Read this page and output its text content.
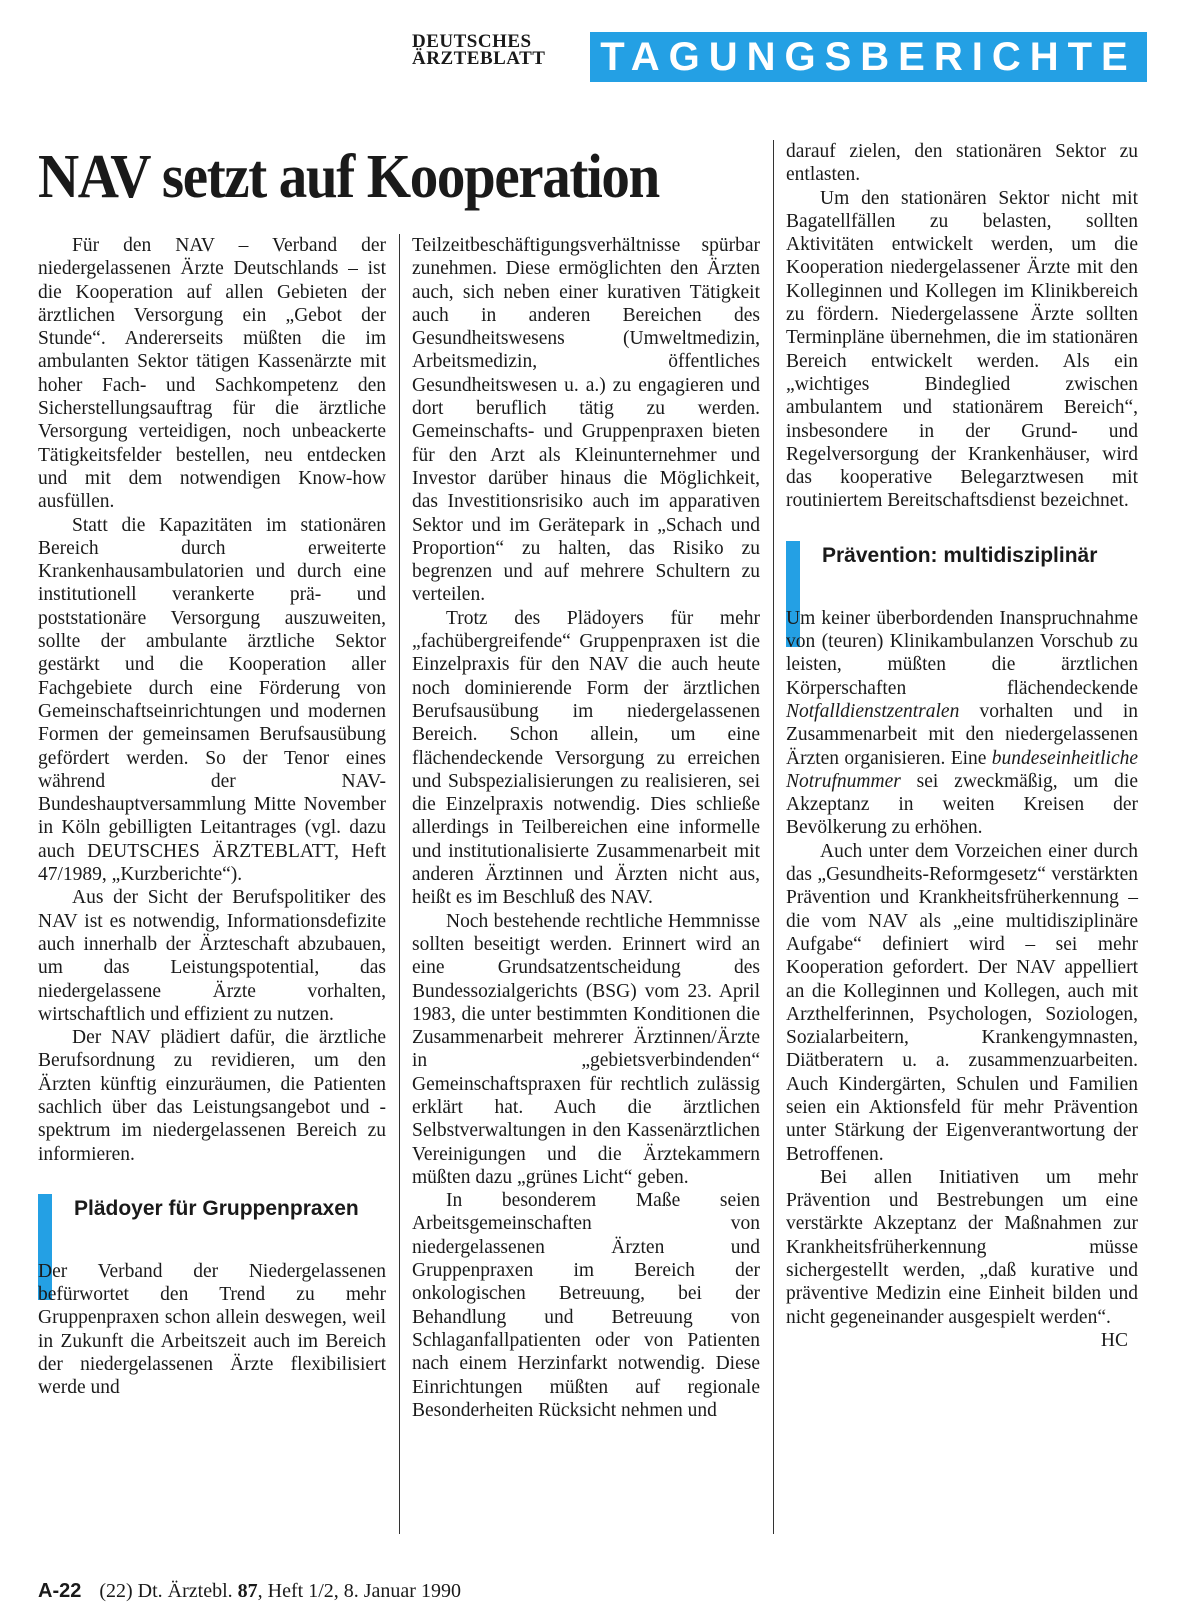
DEUTSCHES
ÄRZTEBLATT	TAGUNGSBERICHTE
NAV setzt auf Kooperation

Für den NAV – Verband der niedergelassenen Ärzte Deutschlands – ist die Kooperation auf allen Gebieten der ärztlichen Versorgung ein „Gebot der Stunde“. Andererseits müßten die im ambulanten Sektor tätigen Kassenärzte mit hoher Fach- und Sachkompetenz den Sicherstellungsauftrag für die ärztliche Versorgung verteidigen, noch unbeackerte Tätigkeitsfelder bestellen, neu entdecken und mit dem notwendigen Know-how ausfüllen.

Statt die Kapazitäten im stationären Bereich durch erweiterte Krankenhausambulatorien und durch eine institutionell verankerte prä- und poststationäre Versorgung auszuweiten, sollte der ambulante ärztliche Sektor gestärkt und die Kooperation aller Fachgebiete durch eine Förderung von Gemeinschaftseinrichtungen und modernen Formen der gemeinsamen Berufsausübung gefördert werden. So der Tenor eines während der NAV-Bundeshauptversammlung Mitte November in Köln gebilligten Leitantrages (vgl. dazu auch DEUTSCHES ÄRZTEBLATT, Heft 47/1989, „Kurzberichte“).

Aus der Sicht der Berufspolitiker des NAV ist es notwendig, Informationsdefizite auch innerhalb der Ärzteschaft abzubauen, um das Leistungspotential, das niedergelassene Ärzte vorhalten, wirtschaftlich und effizient zu nutzen.

Der NAV plädiert dafür, die ärztliche Berufsordnung zu revidieren, um den Ärzten künftig einzuräumen, die Patienten sachlich über das Leistungsangebot und -spektrum im niedergelassenen Bereich zu informieren.

Plädoyer für Gruppenpraxen

Der Verband der Niedergelassenen befürwortet den Trend zu mehr Gruppenpraxen schon allein deswegen, weil in Zukunft die Arbeitszeit auch im Bereich der niedergelassenen Ärzte flexibilisiert werde und

Teilzeitbeschäftigungsverhältnisse spürbar zunehmen. Diese ermöglichten den Ärzten auch, sich neben einer kurativen Tätigkeit auch in anderen Bereichen des Gesundheitswesens (Umweltmedizin, Arbeitsmedizin, öffentliches Gesundheitswesen u. a.) zu engagieren und dort beruflich tätig zu werden. Gemeinschafts- und Gruppenpraxen bieten für den Arzt als Kleinunternehmer und Investor darüber hinaus die Möglichkeit, das Investitionsrisiko auch im apparativen Sektor und im Gerätepark in „Schach und Proportion“ zu halten, das Risiko zu begrenzen und auf mehrere Schultern zu verteilen.

Trotz des Plädoyers für mehr „fachübergreifende“ Gruppenpraxen ist die Einzelpraxis für den NAV die auch heute noch dominierende Form der ärztlichen Berufsausübung im niedergelassenen Bereich. Schon allein, um eine flächendeckende Versorgung zu erreichen und Subspezialisierungen zu realisieren, sei die Einzelpraxis notwendig. Dies schließe allerdings in Teilbereichen eine informelle und institutionalisierte Zusammenarbeit mit anderen Ärztinnen und Ärzten nicht aus, heißt es im Beschluß des NAV.

Noch bestehende rechtliche Hemmnisse sollten beseitigt werden. Erinnert wird an eine Grundsatzentscheidung des Bundessozialgerichts (BSG) vom 23. April 1983, die unter bestimmten Konditionen die Zusammenarbeit mehrerer Ärztinnen/Ärzte in „gebietsverbindenden“ Gemeinschaftspraxen für rechtlich zulässig erklärt hat. Auch die ärztlichen Selbstverwaltungen in den Kassenärztlichen Vereinigungen und die Ärztekammern müßten dazu „grünes Licht“ geben.

In besonderem Maße seien Arbeitsgemeinschaften von niedergelassenen Ärzten und Gruppenpraxen im Bereich der onkologischen Betreuung, bei der Behandlung und Betreuung von Schlaganfallpatienten oder von Patienten nach einem Herzinfarkt notwendig. Diese Einrichtungen müßten auf regionale Besonderheiten Rücksicht nehmen und

darauf zielen, den stationären Sektor zu entlasten.

Um den stationären Sektor nicht mit Bagatellfällen zu belasten, sollten Aktivitäten entwickelt werden, um die Kooperation niedergelassener Ärzte mit den Kolleginnen und Kollegen im Klinikbereich zu fördern. Niedergelassene Ärzte sollten Terminpläne übernehmen, die im stationären Bereich entwickelt werden. Als ein „wichtiges Bindeglied zwischen ambulantem und stationärem Bereich“, insbesondere in der Grund- und Regelversorgung der Krankenhäuser, wird das kooperative Belegarztwesen mit routiniertem Bereitschaftsdienst bezeichnet.

Prävention: multidisziplinär

Um keiner überbordenden Inanspruchnahme von (teuren) Klinikambulanzen Vorschub zu leisten, müßten die ärztlichen Körperschaften flächendeckende Notfalldienstzentralen vorhalten und in Zusammenarbeit mit den niedergelassenen Ärzten organisieren. Eine bundeseinheitliche Notrufnummer sei zweckmäßig, um die Akzeptanz in weiten Kreisen der Bevölkerung zu erhöhen.

Auch unter dem Vorzeichen einer durch das „Gesundheits-Reformgesetz“ verstärkten Prävention und Krankheitsfrüherkennung – die vom NAV als „eine multidisziplinäre Aufgabe“ definiert wird – sei mehr Kooperation gefordert. Der NAV appelliert an die Kolleginnen und Kollegen, auch mit Arzthelferinnen, Psychologen, Soziologen, Sozialarbeitern, Krankengymnasten, Diätberatern u. a. zusammenzuarbeiten. Auch Kindergärten, Schulen und Familien seien ein Aktionsfeld für mehr Prävention unter Stärkung der Eigenverantwortung der Betroffenen.

Bei allen Initiativen um mehr Prävention und Bestrebungen um eine verstärkte Akzeptanz der Maßnahmen zur Krankheitsfrüherkennung müsse sichergestellt werden, „daß kurative und präventive Medizin eine Einheit bilden und nicht gegeneinander ausgespielt werden“.

HC
A-22 (22) Dt. Ärztebl. 87, Heft 1/2, 8. Januar 1990
